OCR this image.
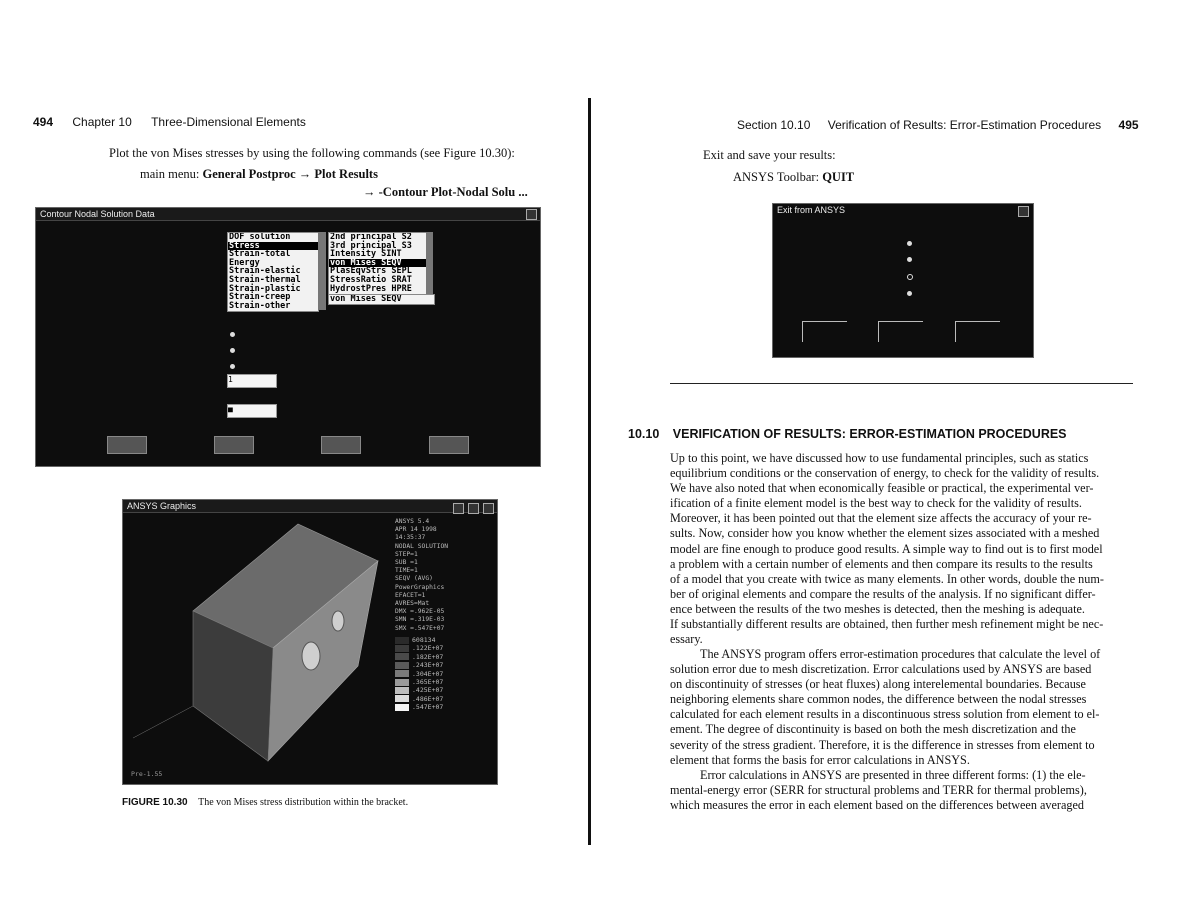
494 Chapter 10 Three-Dimensional Elements
Plot the von Mises stresses by using the following commands (see Figure 10.30):
main menu: General Postproc → Plot Results
→ -Contour Plot-Nodal Solu ...
Contour Nodal Solution Data
DOF solution
Stress
Strain-total
Energy
Strain-elastic
Strain-thermal
Strain-plastic
Strain-creep
Strain-other
2nd principal S2
3rd principal S3
Intensity SINT
von Mises SEQV
PlasEqvStrs SEPL
StressRatio SRAT
HydrostPres HPRE
von Mises SEQV
1
■
ANSYS Graphics

ANSYS 5.4
APR 14 1998
14:35:37
NODAL SOLUTION
STEP=1
SUB =1
TIME=1
SEQV (AVG)
PowerGraphics
EFACET=1
AVRES=Mat
DMX =.962E-05
SMN =.319E-03
SMX =.547E+07
608134
.122E+07
.182E+07
.243E+07
.304E+07
.365E+07
.425E+07
.486E+07
.547E+07
Pre-1.55
FIGURE 10.30 The von Mises stress distribution within the bracket.
Section 10.10 Verification of Results: Error-Estimation Procedures 495
Exit and save your results:
ANSYS Toolbar: QUIT
Exit from ANSYS
10.10 VERIFICATION OF RESULTS: ERROR-ESTIMATION PROCEDURES
Up to this point, we have discussed how to use fundamental principles, such as statics
equilibrium conditions or the conservation of energy, to check for the validity of results.
We have also noted that when economically feasible or practical, the experimental ver-
ification of a finite element model is the best way to check for the validity of results.
Moreover, it has been pointed out that the element size affects the accuracy of your re-
sults. Now, consider how you know whether the element sizes associated with a meshed
model are fine enough to produce good results. A simple way to find out is to first model
a problem with a certain number of elements and then compare its results to the results
of a model that you create with twice as many elements. In other words, double the num-
ber of original elements and compare the results of the analysis. If no significant differ-
ence between the results of the two meshes is detected, then the meshing is adequate.
If substantially different results are obtained, then further mesh refinement might be nec-
essary.
The ANSYS program offers error-estimation procedures that calculate the level of
solution error due to mesh discretization. Error calculations used by ANSYS are based
on discontinuity of stresses (or heat fluxes) along interelemental boundaries. Because
neighboring elements share common nodes, the difference between the nodal stresses
calculated for each element results in a discontinuous stress solution from element to el-
ement. The degree of discontinuity is based on both the mesh discretization and the
severity of the stress gradient. Therefore, it is the difference in stresses from element to
element that forms the basis for error calculations in ANSYS.
Error calculations in ANSYS are presented in three different forms: (1) the ele-
mental-energy error (SERR for structural problems and TERR for thermal problems),
which measures the error in each element based on the differences between averaged
